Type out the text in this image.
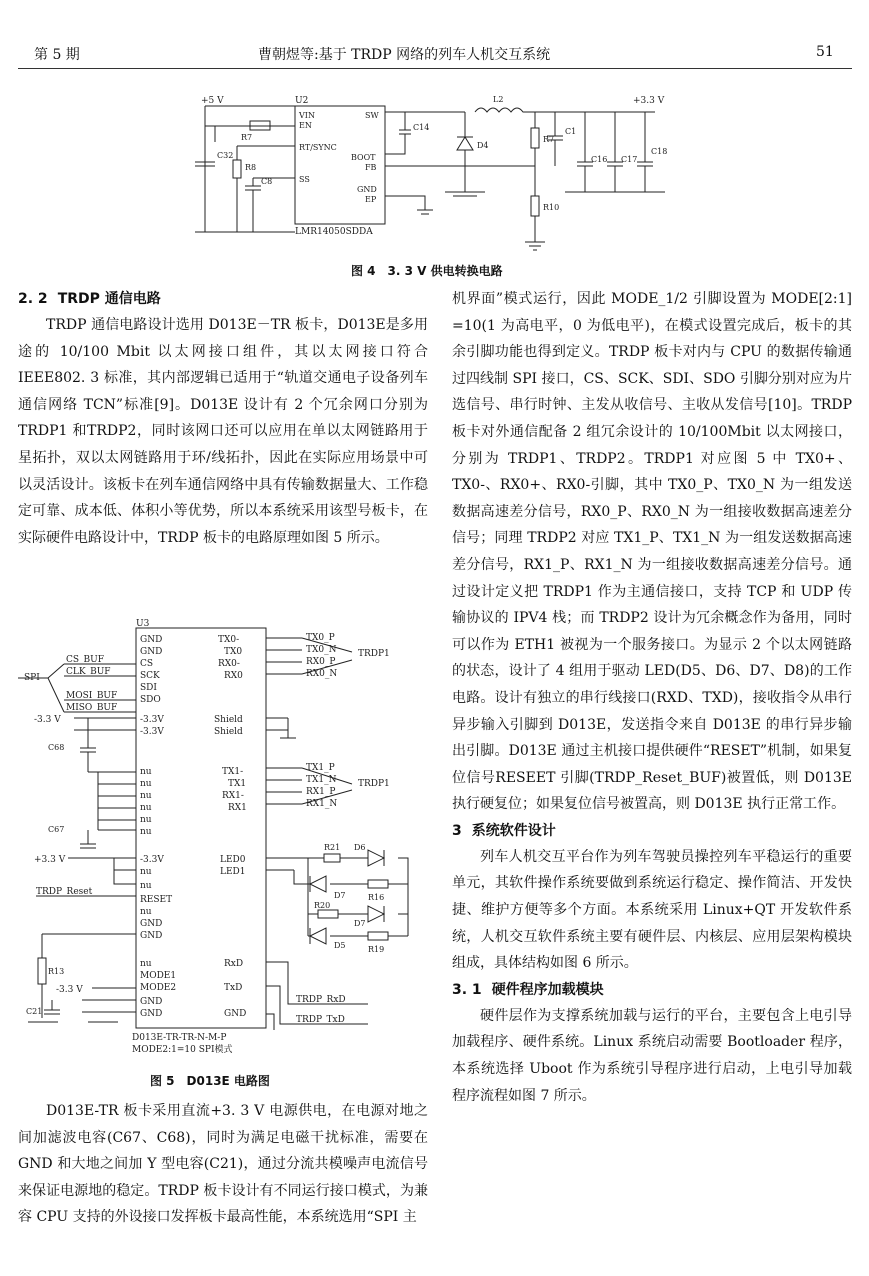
第 5 期	曹朝煜等:基于 TRDP 网络的列车人机交互系统	51
+5 V	+3.3 V
U2
LMR14050SDDA
VIN
EN
RT/SYNC
SS
SW
BOOT
FB
GND
EP
R7
C32
R8
C8
C14
L2
D4
R7
R10
C1
C16 C17
C18
图 4　3. 3 V 供电转换电路
2. 2 TRDP 通信电路

TRDP 通信电路设计选用 D013E－TR 板卡，D013E是多用途的 10/100 Mbit 以太网接口组件，其以太网接口符合 IEEE802. 3 标准，其内部逻辑已适用于“轨道交通电子设备列车通信网络 TCN”标准[9]。D013E 设计有 2 个冗余网口分别为 TRDP1 和TRDP2，同时该网口还可以应用在单以太网链路用于星拓扑，双以太网链路用于环/线拓扑，因此在实际应用场景中可以灵活设计。该板卡在列车通信网络中具有传输数据量大、工作稳定可靠、成本低、体积小等优势，所以本系统采用该型号板卡，在实际硬件电路设计中，TRDP 板卡的电路原理如图 5 所示。

U3
GND
GND
CS
SCK
SDI
SDO
-3.3V
-3.3V
nu
nu
nu
nu
nu
nu
-3.3V
nu
nu
RESET
nu
GND
GND
nu
MODE1
MODE2
GND
GND
TX0-
TX0
RX0-
RX0
Shield
Shield
TX1-
TX1
RX1-
RX1
LED0
LED1
RxD
TxD
GND
CS_BUF
CLK_BUF
MOSI_BUF
MISO_BUF
SPI
-3.3 V
+3.3 V
TRDP_Reset
-3.3 V
C68
C67
R13
C21
TX0_P
TX0_N
RX0_P
RX0_N
TRDP1
TX1_P
TX1_N
RX1_P
RX1_N
TRDP1
TRDP_RxD
TRDP_TxD
R21 D6
D7	R16
R20
D7
D5	R19
D013E-TR-TR-N-M-P
MODE2:1=10 SPI模式
图 5　D013E 电路图

D013E-TR 板卡采用直流+3. 3 V 电源供电，在电源对地之间加滤波电容(C67、C68)，同时为满足电磁干扰标准，需要在 GND 和大地之间加 Y 型电容(C21)，通过分流共模噪声电流信号来保证电源地的稳定。TRDP 板卡设计有不同运行接口模式，为兼容 CPU 支持的外设接口发挥板卡最高性能，本系统选用“SPI 主

机界面”模式运行，因此 MODE_1/2 引脚设置为 MODE[2:1] =10(1 为高电平，0 为低电平)，在模式设置完成后，板卡的其余引脚功能也得到定义。TRDP 板卡对内与 CPU 的数据传输通过四线制 SPI 接口，CS、SCK、SDI、SDO 引脚分别对应为片选信号、串行时钟、主发从收信号、主收从发信号[10]。TRDP 板卡对外通信配备 2 组冗余设计的 10/100Mbit 以太网接口，分别为 TRDP1、TRDP2。TRDP1 对应图 5 中 TX0+、TX0-、RX0+、RX0-引脚，其中 TX0_P、TX0_N 为一组发送数据高速差分信号，RX0_P、RX0_N 为一组接收数据高速差分信号；同理 TRDP2 对应 TX1_P、TX1_N 为一组发送数据高速差分信号，RX1_P、RX1_N 为一组接收数据高速差分信号。通过设计定义把 TRDP1 作为主通信接口，支持 TCP 和 UDP 传输协议的 IPV4 栈；而 TRDP2 设计为冗余概念作为备用，同时可以作为 ETH1 被视为一个服务接口。为显示 2 个以太网链路的状态，设计了 4 组用于驱动 LED(D5、D6、D7、D8)的工作电路。设计有独立的串行线接口(RXD、TXD)，接收指令从串行异步输入引脚到 D013E，发送指令来自 D013E 的串行异步输出引脚。D013E 通过主机接口提供硬件“RESET”机制，如果复位信号RESEET 引脚(TRDP_Reset_BUF)被置低，则 D013E 执行硬复位；如果复位信号被置高，则 D013E 执行正常工作。

3 系统软件设计

列车人机交互平台作为列车驾驶员操控列车平稳运行的重要单元，其软件操作系统要做到系统运行稳定、操作简洁、开发快捷、维护方便等多个方面。本系统采用 Linux+QT 开发软件系统，人机交互软件系统主要有硬件层、内核层、应用层架构模块组成，具体结构如图 6 所示。

3. 1 硬件程序加载模块

硬件层作为支撑系统加载与运行的平台，主要包含上电引导加载程序、硬件系统。Linux 系统启动需要 Bootloader 程序，本系统选择 Uboot 作为系统引导程序进行启动，上电引导加载程序流程如图 7 所示。
